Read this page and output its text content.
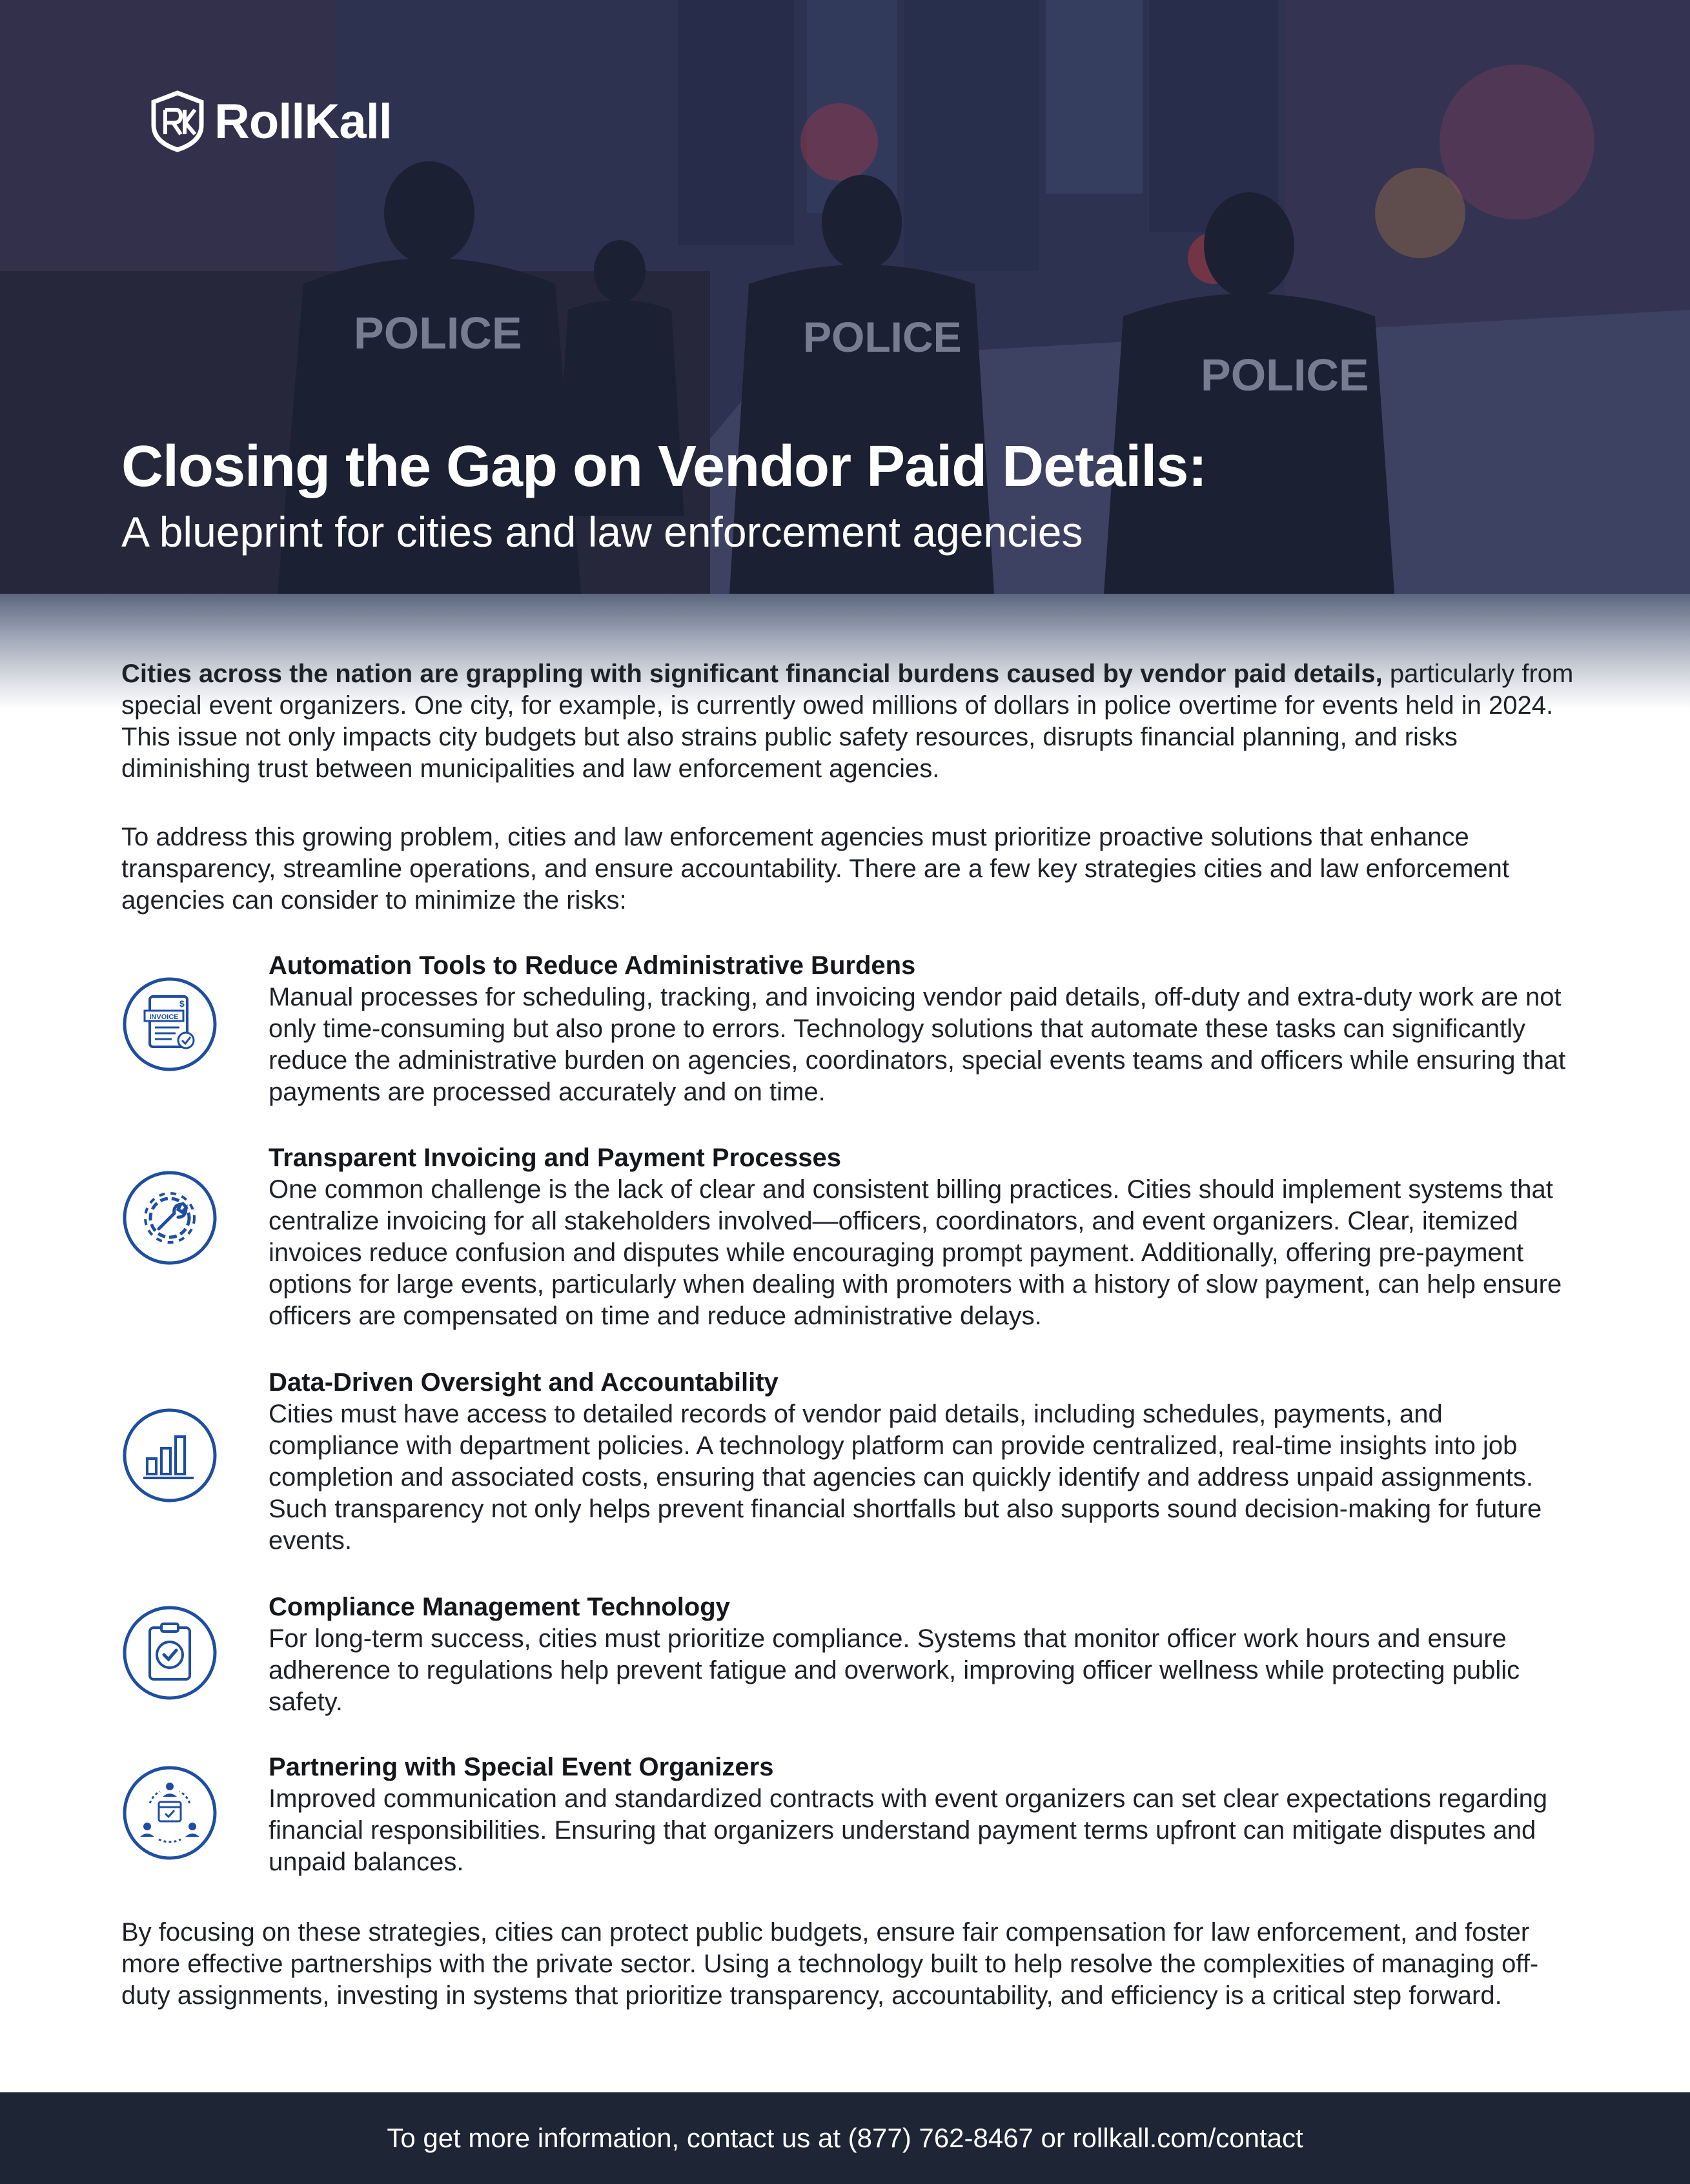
POLICE	POLICE
POLICE
RollKall
Closing the Gap on Vendor Paid Details:
A blueprint for cities and law enforcement agencies
Cities across the nation are grappling with significant financial burdens caused by vendor paid details, particularly from special event organizers. One city, for example, is currently owed millions of dollars in police overtime for events held in 2024. This issue not only impacts city budgets but also strains public safety resources, disrupts financial planning, and risks diminishing trust between municipalities and law enforcement agencies.
To address this growing problem, cities and law enforcement agencies must prioritize proactive solutions that enhance transparency, streamline operations, and ensure accountability. There are a few key strategies cities and law enforcement agencies can consider to minimize the risks:
INVOICE
$
Automation Tools to Reduce Administrative Burdens
Manual processes for scheduling, tracking, and invoicing vendor paid details, off-duty and extra-duty work are not only time-consuming but also prone to errors. Technology solutions that automate these tasks can significantly reduce the administrative burden on agencies, coordinators, special events teams and officers while ensuring that payments are processed accurately and on time.
Transparent Invoicing and Payment Processes
One common challenge is the lack of clear and consistent billing practices. Cities should implement systems that centralize invoicing for all stakeholders involved—officers, coordinators, and event organizers. Clear, itemized invoices reduce confusion and disputes while encouraging prompt payment. Additionally, offering pre-payment options for large events, particularly when dealing with promoters with a history of slow payment, can help ensure officers are compensated on time and reduce administrative delays.
Data-Driven Oversight and Accountability
Cities must have access to detailed records of vendor paid details, including schedules, payments, and compliance with department policies. A technology platform can provide centralized, real-time insights into job completion and associated costs, ensuring that agencies can quickly identify and address unpaid assignments. Such transparency not only helps prevent financial shortfalls but also supports sound decision-making for future events.
Compliance Management Technology
For long-term success, cities must prioritize compliance. Systems that monitor officer work hours and ensure adherence to regulations help prevent fatigue and overwork, improving officer wellness while protecting public safety.
Partnering with Special Event Organizers
Improved communication and standardized contracts with event organizers can set clear expectations regarding financial responsibilities. Ensuring that organizers understand payment terms upfront can mitigate disputes and unpaid balances.
By focusing on these strategies, cities can protect public budgets, ensure fair compensation for law enforcement, and foster more effective partnerships with the private sector. Using a technology built to help resolve the complexities of managing off-duty assignments, investing in systems that prioritize transparency, accountability, and efficiency is a critical step forward.
To get more information, contact us at (877) 762-8467 or rollkall.com/contact
